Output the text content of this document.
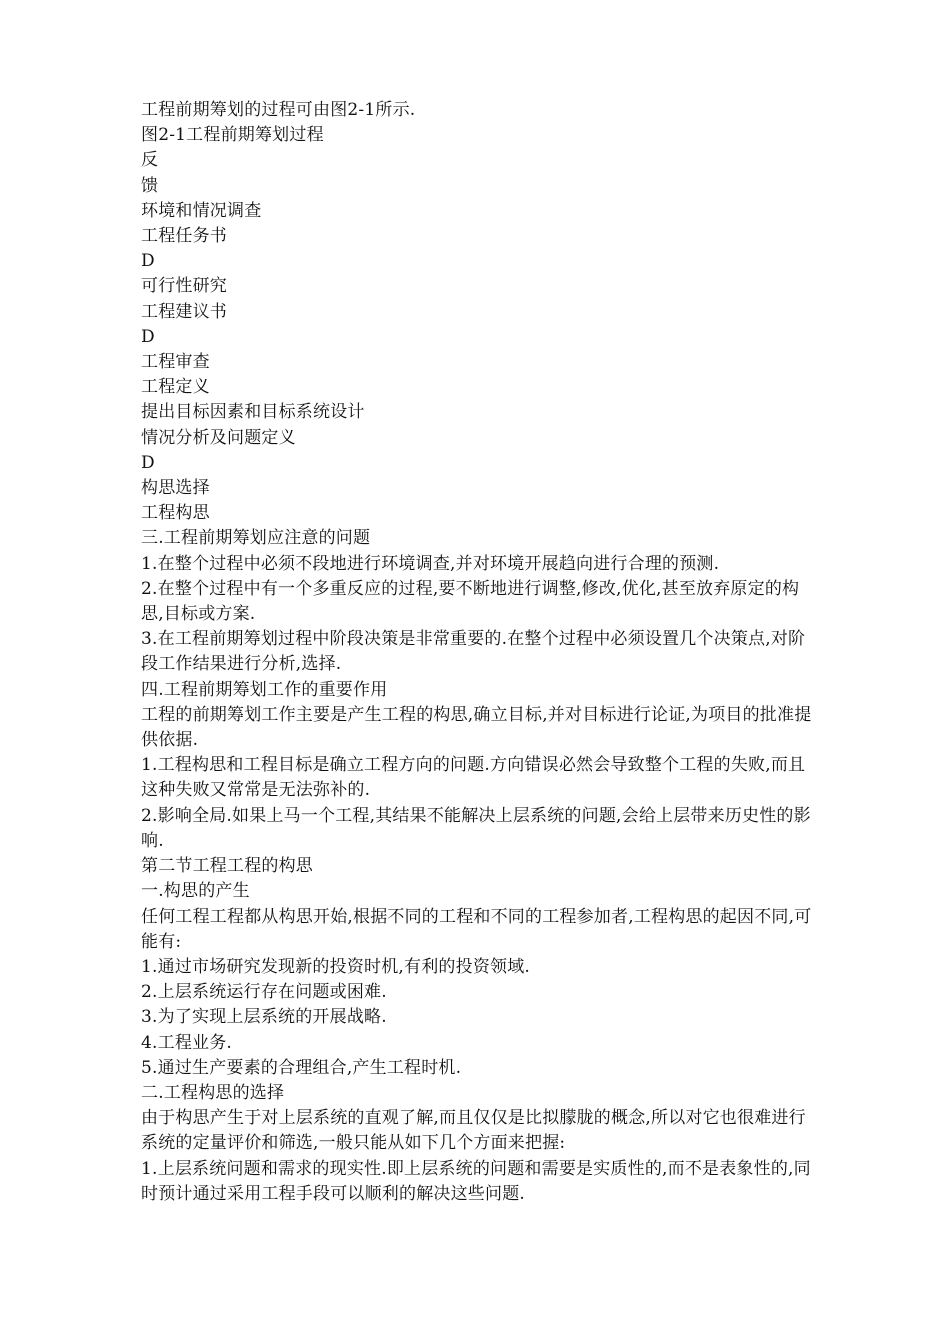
工程前期筹划的过程可由图2-1所示.

图2-1工程前期筹划过程

反

馈

环境和情况调查

工程任务书

D

可行性研究

工程建议书

D

工程审查

工程定义

提出目标因素和目标系统设计

情况分析及问题定义

D

构思选择

工程构思

三.工程前期筹划应注意的问题

1.在整个过程中必须不段地进行环境调查,并对环境开展趋向进行合理的预测.

2.在整个过程中有一个多重反应的过程,要不断地进行调整,修改,优化,甚至放弃原定的构思,目标或方案.

3.在工程前期筹划过程中阶段决策是非常重要的.在整个过程中必须设置几个决策点,对阶段工作结果进行分析,选择.

四.工程前期筹划工作的重要作用

工程的前期筹划工作主要是产生工程的构思,确立目标,并对目标进行论证,为项目的批准提供依据.

1.工程构思和工程目标是确立工程方向的问题.方向错误必然会导致整个工程的失败,而且这种失败又常常是无法弥补的.

2.影响全局.如果上马一个工程,其结果不能解决上层系统的问题,会给上层带来历史性的影响.

第二节工程工程的构思

一.构思的产生

任何工程工程都从构思开始,根据不同的工程和不同的工程参加者,工程构思的起因不同,可能有:

1.通过市场研究发现新的投资时机,有利的投资领域.

2.上层系统运行存在问题或困难.

3.为了实现上层系统的开展战略.

4.工程业务.

5.通过生产要素的合理组合,产生工程时机.

二.工程构思的选择

由于构思产生于对上层系统的直观了解,而且仅仅是比拟朦胧的概念,所以对它也很难进行系统的定量评价和筛选,一般只能从如下几个方面来把握:

1.上层系统问题和需求的现实性.即上层系统的问题和需要是实质性的,而不是表象性的,同时预计通过采用工程手段可以顺利的解决这些问题.
